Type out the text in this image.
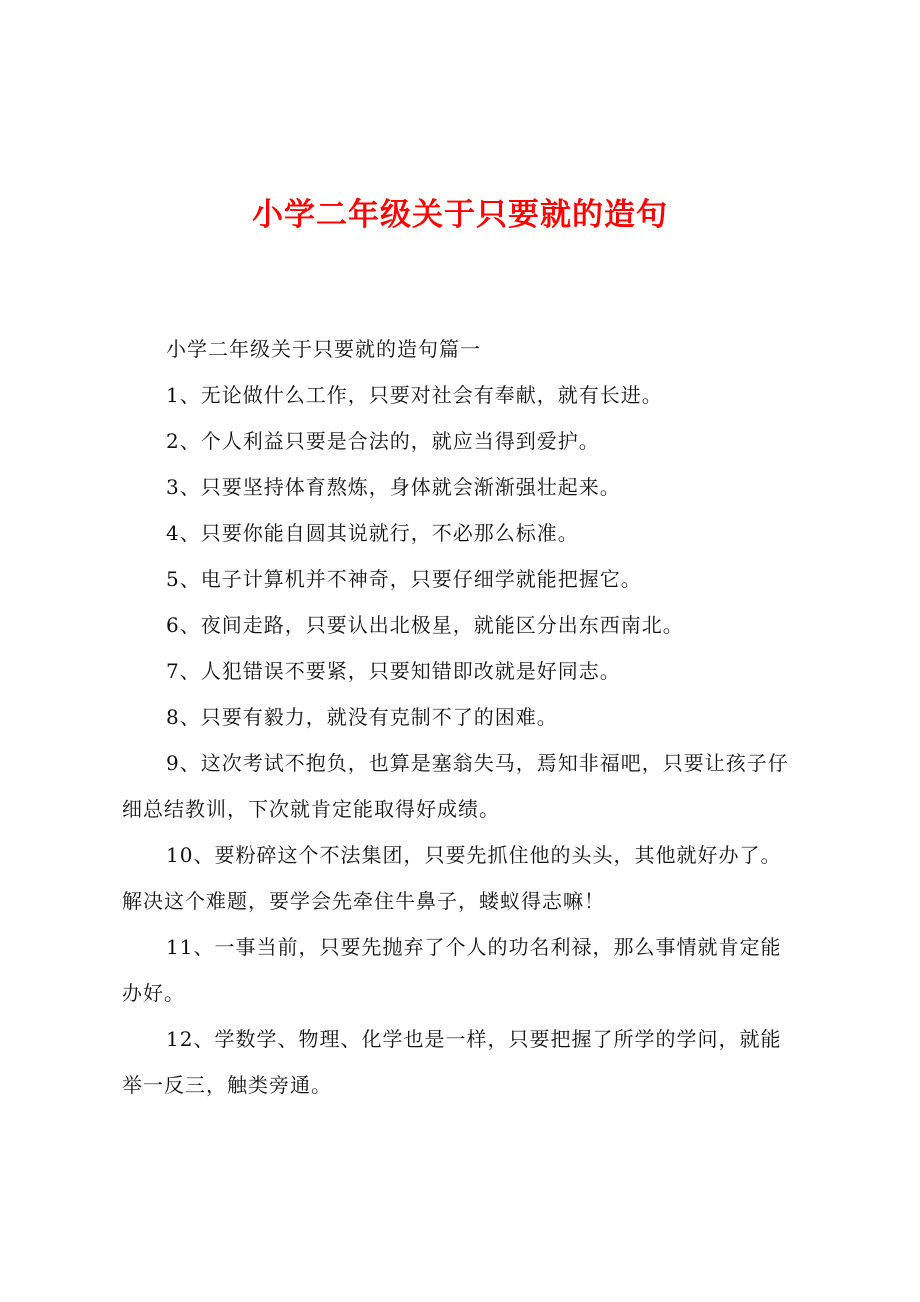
小学二年级关于只要就的造句

小学二年级关于只要就的造句篇一

1、无论做什么工作，只要对社会有奉献，就有长进。

2、个人利益只要是合法的，就应当得到爱护。

3、只要坚持体育熬炼，身体就会渐渐强壮起来。

4、只要你能自圆其说就行，不必那么标准。

5、电子计算机并不神奇，只要仔细学就能把握它。

6、夜间走路，只要认出北极星，就能区分出东西南北。

7、人犯错误不要紧，只要知错即改就是好同志。

8、只要有毅力，就没有克制不了的困难。

9、这次考试不抱负，也算是塞翁失马，焉知非福吧，只要让孩子仔细总结教训，下次就肯定能取得好成绩。

10、要粉碎这个不法集团，只要先抓住他的头头，其他就好办了。解决这个难题，要学会先牵住牛鼻子，蝼蚁得志嘛！

11、一事当前，只要先抛弃了个人的功名利禄，那么事情就肯定能办好。

12、学数学、物理、化学也是一样，只要把握了所学的学问，就能举一反三，触类旁通。
